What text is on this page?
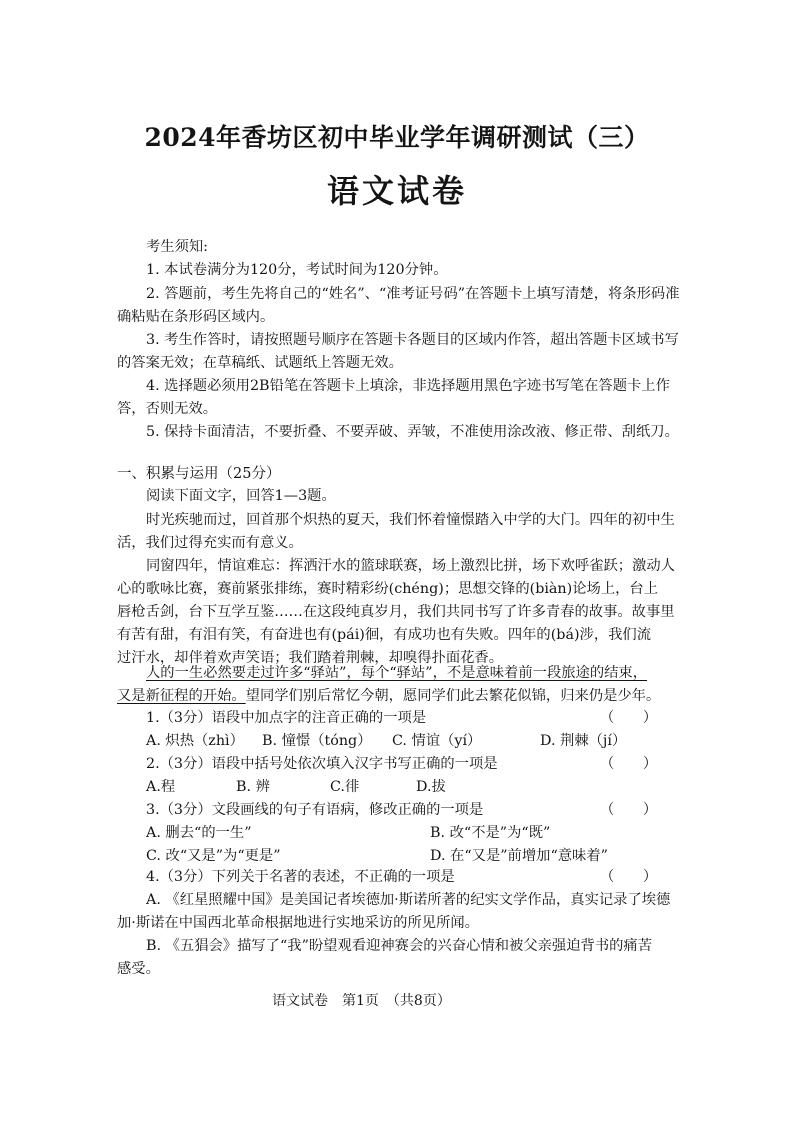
2024年香坊区初中毕业学年调研测试（三）
语文试卷
考生须知:
1. 本试卷满分为120分，考试时间为120分钟。
2. 答题前，考生先将自己的“姓名”、“准考证号码”在答题卡上填写清楚，将条形码准
确粘贴在条形码区域内。
3. 考生作答时，请按照题号顺序在答题卡各题目的区域内作答，超出答题卡区域书写
的答案无效；在草稿纸、试题纸上答题无效。
4. 选择题必须用2B铅笔在答题卡上填涂，非选择题用黑色字迹书写笔在答题卡上作
答，否则无效。
5. 保持卡面清洁，不要折叠、不要弄破、弄皱，不准使用涂改液、修正带、刮纸刀。
一、积累与运用（25分）
阅读下面文字，回答1—3题。
时光疾驰而过，回首那个炽热的夏天，我们怀着憧憬踏入中学的大门。四年的初中生
活，我们过得充实而有意义。
同窗四年，情谊难忘：挥洒汗水的篮球联赛，场上激烈比拼，场下欢呼雀跃；激动人
心的歌咏比赛，赛前紧张排练，赛时精彩纷(chéng)；思想交锋的(biàn)论场上，台上
唇枪舌剑，台下互学互鉴……在这段纯真岁月，我们共同书写了许多青春的故事。故事里
有苦有甜，有泪有笑，有奋进也有(pái)徊，有成功也有失败。四年的(bá)涉，我们流
过汗水，却伴着欢声笑语；我们踏着荆棘，却嗅得扑面花香。
人的一生必然要走过许多“驿站”，每个“驿站”，不是意味着前一段旅途的结束，
又是新征程的开始。望同学们别后常忆今朝，愿同学们此去繁花似锦，归来仍是少年。
1.（3分）语段中加点字的注音正确的一项是	（　　）
A. 炽热（zhì） B. 憧憬（tóng） C. 情谊（yí）	D. 荆棘（jí）
2.（3分）语段中括号处依次填入汉字书写正确的一项是	（　　）
A.程	B. 辨	C.徘	D.拔
3.（3分）文段画线的句子有语病，修改正确的一项是	（　　）
A. 删去“的一生”	B. 改“不是”为“既”
C. 改“又是”为“更是”	D. 在“又是”前增加“意味着”
4.（3分）下列关于名著的表述，不正确的一项是	（　　）
A. 《红星照耀中国》是美国记者埃德加·斯诺所著的纪实文学作品，真实记录了埃德
加·斯诺在中国西北革命根据地进行实地采访的所见所闻。
B. 《五猖会》描写了“我”盼望观看迎神赛会的兴奋心情和被父亲强迫背书的痛苦
感受。
语文试卷　第1页　（共8页）
